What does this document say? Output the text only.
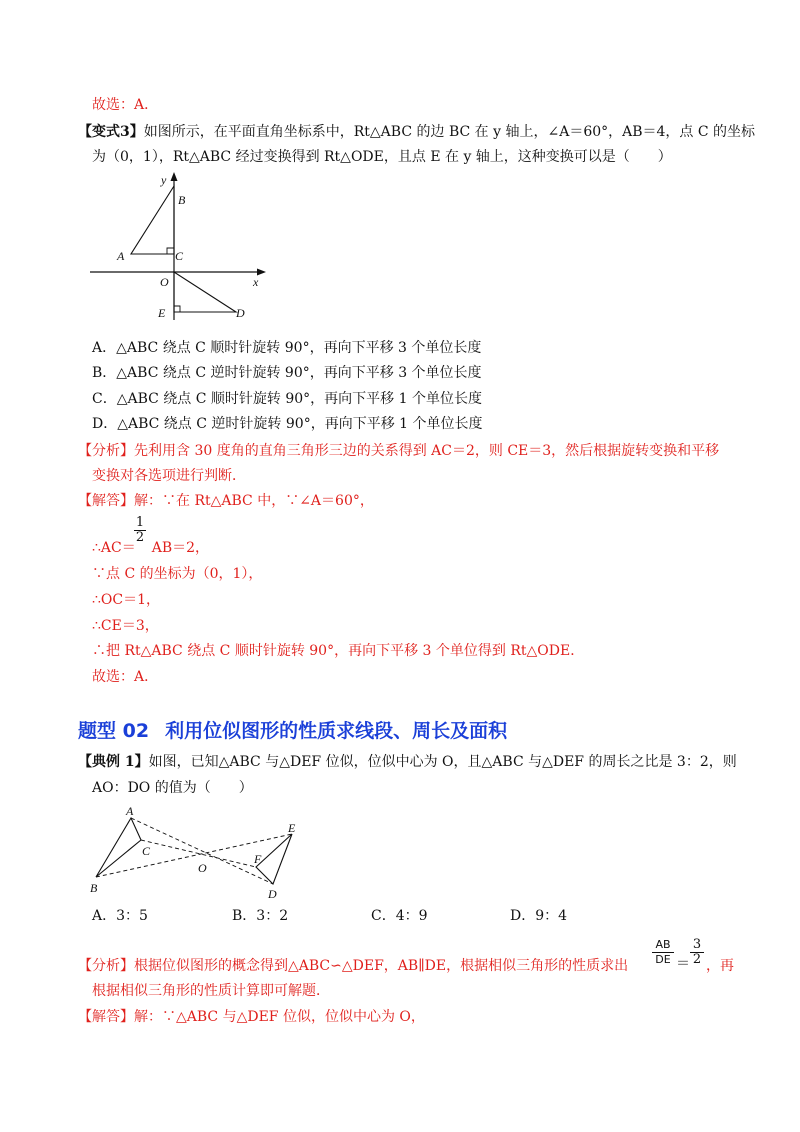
故选：A．
【变式3】如图所示，在平面直角坐标系中，Rt△ABC 的边 BC 在 y 轴上，∠A＝60°，AB＝4，点 C 的坐标
为（0，1），Rt△ABC 经过变换得到 Rt△ODE，且点 E 在 y 轴上，这种变换可以是（　　）
y
B
A	C
O	x
E	D
A．△ABC 绕点 C 顺时针旋转 90°，再向下平移 3 个单位长度
B．△ABC 绕点 C 逆时针旋转 90°，再向下平移 3 个单位长度
C．△ABC 绕点 C 顺时针旋转 90°，再向下平移 1 个单位长度
D．△ABC 绕点 C 逆时针旋转 90°，再向下平移 1 个单位长度
【分析】先利用含 30 度角的直角三角形三边的关系得到 AC＝2，则 CE＝3，然后根据旋转变换和平移
变换对各选项进行判断．
【解答】解：∵在 Rt△ABC 中，∵∠A＝60°，
1
2
∴AC＝ AB＝2，
∵点 C 的坐标为（0，1），
∴OC＝1，
∴CE＝3，
∴把 Rt△ABC 绕点 C 顺时针旋转 90°，再向下平移 3 个单位得到 Rt△ODE．
故选：A．
题型 02 利用位似图形的性质求线段、周长及面积
【典例 1】如图，已知△ABC 与△DEF 位似，位似中心为 O，且△ABC 与△DEF 的周长之比是 3：2，则
AO：DO 的值为（　　）
A
C
B
O
E
F
D
A．3：5	B．3：2	C．4：9	D．9：4
【分析】根据位似图形的概念得到△ABC∽△DEF，AB∥DE，根据相似三角形的性质求出
AB
DE ＝
3
2 ，再
根据相似三角形的性质计算即可解题．
【解答】解：∵△ABC 与△DEF 位似，位似中心为 O，
